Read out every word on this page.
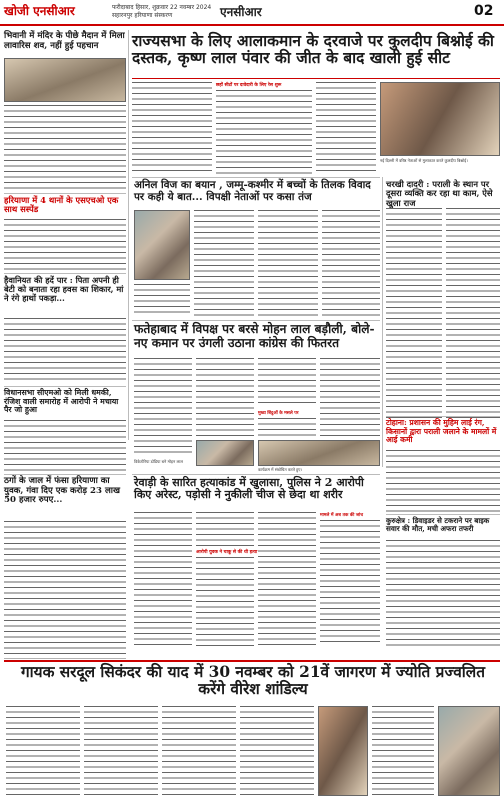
खोजी एनसीआर	फरीदाबाद हिसार, शुक्रवार 22 नवम्बर 2024
सहारनपुर हरियाणा संस्करण	एनसीआर	02
भिवानी में मंदिर के पीछे मैदान में मिला लावारिस शव, नहीं हुई पहचान
हरियाणा में 4 थानों के एसएचओ एक साथ सस्पेंड
हैवानियत की हदें पार : पिता अपनी ही बेटी को बनाता रहा हवस का शिकार, मां ने रंगे हाथों पकड़ा...
विधानसभा सीएमओ को मिली धमकी, रंजिश वाली समारोह में आरोपी ने मचाया पैर जो हुआ
ठगों के जाल में फंसा हरियाणा का युवक, गंवा दिए एक करोड़ 23 लाख 50 हजार रुपए...
राज्यसभा के लिए आलाकमान के दरवाजे पर कुलदीप बिश्नोई की दस्तक, कृष्ण लाल पंवार की जीत के बाद खाली हुई सीट
छहों सीटों पर दावेदारी के लिए रेस शुरू
नई दिल्ली में वरिष्ठ नेताओं से मुलाकात करते कुलदीप बिश्नोई।
अनिल विज का बयान , जम्मू-कश्मीर में बच्चों के तिलक विवाद पर कही ये बात... विपक्षी नेताओं पर कसा तंज
चरखी दादरी : पराली के स्थान पर दूसरा व्यक्ति कर रहा था काम, ऐसे खुला राज
टोहाना: प्रशासन की मुहिम लाई रंग, किसानों द्वारा पराली जलाने के मामलों में आई कमी
कुरुक्षेत्र : डिवाइडर से टकराने पर बाइक सवार की मौत, मची अफरा तफरी
फतेहाबाद में विपक्ष पर बरसे मोहन लाल बड़ौली, बोले- नए कमान पर उंगली उठाना कांग्रेस की फितरत
मुख्य बिंदुओं के मसले पर
विकेटोरिया डोडिया बने मोहन लाल
कार्यक्रम में संबोधित करते हुए।
रेवाड़ी के सारित हत्याकांड में खुलासा, पुलिस ने 2 आरोपी किए अरेस्ट, पड़ोसी ने नुकीली चीज से छेदा था शरीर
आरोपी युवक ने चाकू से की थी हत्या
मामले में अब तक की जांच
गायक सरदूल सिकंदर की याद में 30 नवम्बर को 21वें जागरण में ज्योति प्रज्वलित करेंगे वीरेश शांडिल्य
